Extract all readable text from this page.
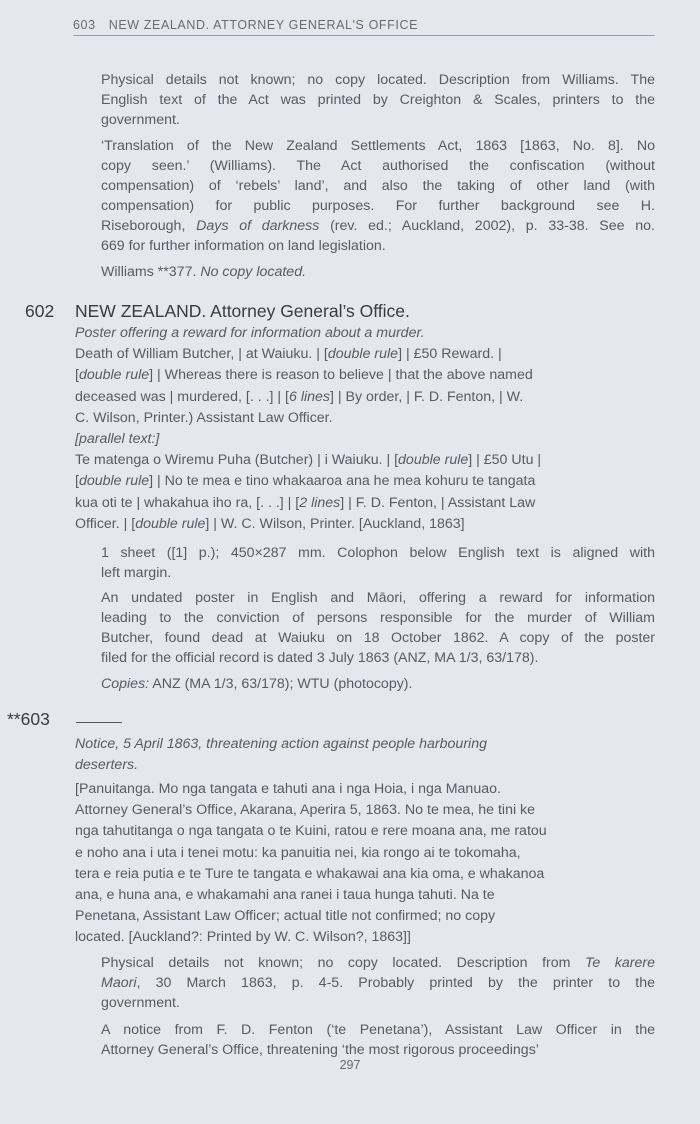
603 NEW ZEALAND. ATTORNEY GENERAL'S OFFICE
Physical details not known; no copy located. Description from Williams. The
English text of the Act was printed by Creighton & Scales, printers to the
government.
‘Translation of the New Zealand Settlements Act, 1863 [1863, No. 8]. No
copy seen.’ (Williams). The Act authorised the confiscation (without
compensation) of ‘rebels’ land’, and also the taking of other land (with
compensation) for public purposes. For further background see H.
Riseborough, Days of darkness (rev. ed.; Auckland, 2002), p. 33-38. See no.
669 for further information on land legislation.
Williams **377. No copy located.
602 NEW ZEALAND. Attorney General’s Office.
Poster offering a reward for information about a murder.
Death of William Butcher, | at Waiuku. | [double rule] | £50 Reward. |
[double rule] | Whereas there is reason to believe | that the above named
deceased was | murdered, [. . .] | [6 lines] | By order, | F. D. Fenton, | W.
C. Wilson, Printer.) Assistant Law Officer.
[parallel text:]
Te matenga o Wiremu Puha (Butcher) | i Waiuku. | [double rule] | £50 Utu |
[double rule] | No te mea e tino whakaaroa ana he mea kohuru te tangata
kua oti te | whakahua iho ra, [. . .] | [2 lines] | F. D. Fenton, | Assistant Law
Officer. | [double rule] | W. C. Wilson, Printer. [Auckland, 1863]
1 sheet ([1] p.); 450×287 mm. Colophon below English text is aligned with
left margin.
An undated poster in English and Māori, offering a reward for information
leading to the conviction of persons responsible for the murder of William
Butcher, found dead at Waiuku on 18 October 1862. A copy of the poster
filed for the official record is dated 3 July 1863 (ANZ, MA 1/3, 63/178).
Copies: ANZ (MA 1/3, 63/178); WTU (photocopy).
**603
Notice, 5 April 1863, threatening action against people harbouring
deserters.
[Panuitanga. Mo nga tangata e tahuti ana i nga Hoia, i nga Manuao.
Attorney General’s Office, Akarana, Aperira 5, 1863. No te mea, he tini ke
nga tahutitanga o nga tangata o te Kuini, ratou e rere moana ana, me ratou
e noho ana i uta i tenei motu: ka panuitia nei, kia rongo ai te tokomaha,
tera e reia putia e te Ture te tangata e whakawai ana kia oma, e whakanoa
ana, e huna ana, e whakamahi ana ranei i taua hunga tahuti. Na te
Penetana, Assistant Law Officer; actual title not confirmed; no copy
located. [Auckland?: Printed by W. C. Wilson?, 1863]]
Physical details not known; no copy located. Description from Te karere
Maori, 30 March 1863, p. 4-5. Probably printed by the printer to the
government.
A notice from F. D. Fenton (‘te Penetana’), Assistant Law Officer in the
Attorney General’s Office, threatening ‘the most rigorous proceedings’
297
